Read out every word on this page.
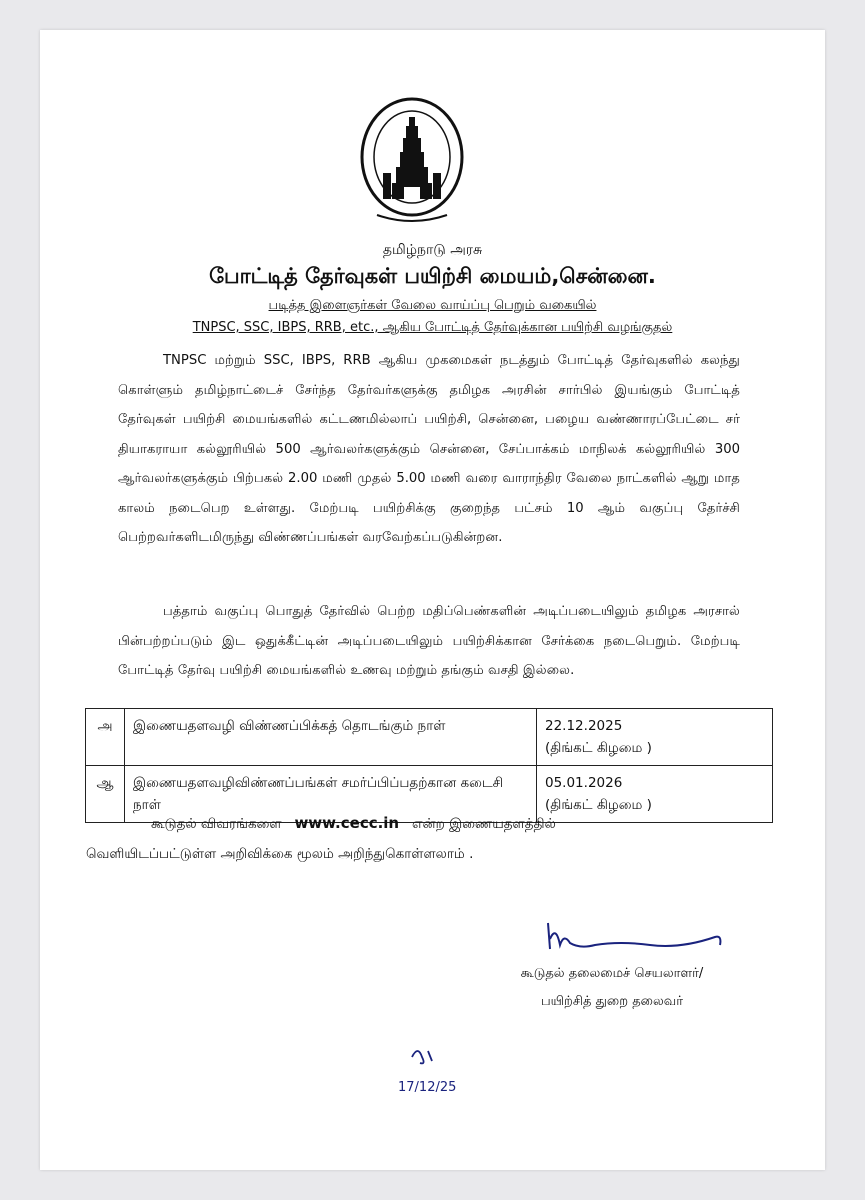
தமிழ்நாடு அரசு
போட்டித் தேர்வுகள் பயிற்சி மையம்,சென்னை.
படித்த இளைஞர்கள் வேலை வாய்ப்பு பெறும் வகையில்
TNPSC, SSC, IBPS, RRB, etc., ஆகிய போட்டித் தேர்வுக்கான பயிற்சி வழங்குதல்

TNPSC மற்றும் SSC, IBPS, RRB ஆகிய முகமைகள் நடத்தும் போட்டித் தேர்வுகளில் கலந்து கொள்ளும் தமிழ்நாட்டைச் சேர்ந்த தேர்வர்களுக்கு தமிழக அரசின் சார்பில் இயங்கும் போட்டித் தேர்வுகள் பயிற்சி மையங்களில் கட்டணமில்லாப் பயிற்சி, சென்னை, பழைய வண்ணாரப்பேட்டை சர் தியாகராயா கல்லூரியில் 500 ஆர்வலர்களுக்கும் சென்னை, சேப்பாக்கம் மாநிலக் கல்லூரியில் 300 ஆர்வலர்களுக்கும் பிற்பகல் 2.00 மணி முதல் 5.00 மணி வரை வாராந்திர வேலை நாட்களில் ஆறு மாத காலம் நடைபெற உள்ளது. மேற்படி பயிற்சிக்கு குறைந்த பட்சம் 10 ஆம் வகுப்பு தேர்ச்சி பெற்றவர்களிடமிருந்து விண்ணப்பங்கள் வரவேற்கப்படுகின்றன.

பத்தாம் வகுப்பு பொதுத் தேர்வில் பெற்ற மதிப்பெண்களின் அடிப்படையிலும் தமிழக அரசால் பின்பற்றப்படும் இட ஒதுக்கீட்டின் அடிப்படையிலும் பயிற்சிக்கான சேர்க்கை நடைபெறும். மேற்படி போட்டித் தேர்வு பயிற்சி மையங்களில் உணவு மற்றும் தங்கும் வசதி இல்லை.

அ	இணையதளவழி விண்ணப்பிக்கத் தொடங்கும் நாள்	22.12.2025
(திங்கட் கிழமை )

ஆ	இணையதளவழிவிண்ணப்பங்கள் சமர்ப்பிப்பதற்கான கடைசி நாள்	05.01.2026
(திங்கட் கிழமை )

கூடுதல் விவரங்களை www.cecc.in என்ற இணையதளத்தில்
வெளியிடப்பட்டுள்ள அறிவிக்கை மூலம் அறிந்துகொள்ளலாம் .

கூடுதல் தலைமைச் செயலாளர்/
பயிற்சித் துறை தலைவர்
17/12/25
